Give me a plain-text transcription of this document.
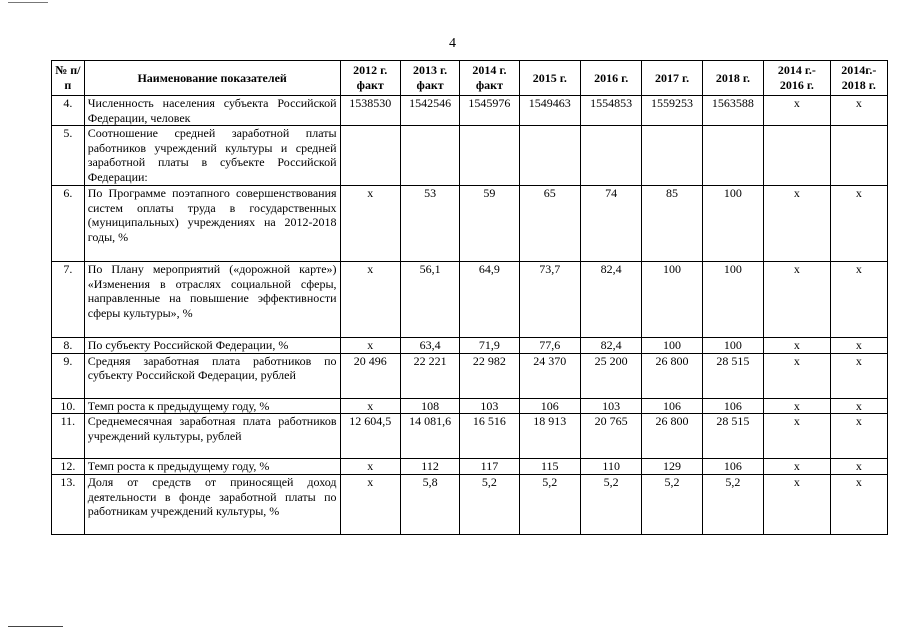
4
№ п/п	Наименование показателей	2012 г. факт	2013 г. факт	2014 г. факт	2015 г.	2016 г.	2017 г.	2018 г.	2014 г.- 2016 г.	2014г.- 2018 г.
4.	Численность населения субъекта Российской Федерации, человек	1538530	1542546	1545976	1549463	1554853	1559253	1563588	х	х
5.	Соотношение средней заработной платы работников учреждений культуры и средней заработной платы в субъекте Российской Федерации:									
6.	По Программе поэтапного совершенствования систем оплаты труда в государственных (муниципальных) учреждениях на 2012-2018 годы, %	х	53	59	65	74	85	100	х	х
7.	По Плану мероприятий («дорожной карте») «Изменения в отраслях социальной сферы, направленные на повышение эффективности сферы культуры», %	х	56,1	64,9	73,7	82,4	100	100	х	х
8.	По субъекту Российской Федерации, %	х	63,4	71,9	77,6	82,4	100	100	х	х
9.	Средняя заработная плата работников по субъекту Российской Федерации, рублей	20 496	22 221	22 982	24 370	25 200	26 800	28 515	х	х
10.	Темп роста к предыдущему году, %	х	108	103	106	103	106	106	х	х
11.	Среднемесячная заработная плата работников учреждений культуры, рублей	12 604,5	14 081,6	16 516	18 913	20 765	26 800	28 515	х	х
12.	Темп роста к предыдущему году, %	х	112	117	115	110	129	106	х	х
13.	Доля от средств от приносящей доход деятельности в фонде заработной платы по работникам учреждений культуры, %	х	5,8	5,2	5,2	5,2	5,2	5,2	х	х
